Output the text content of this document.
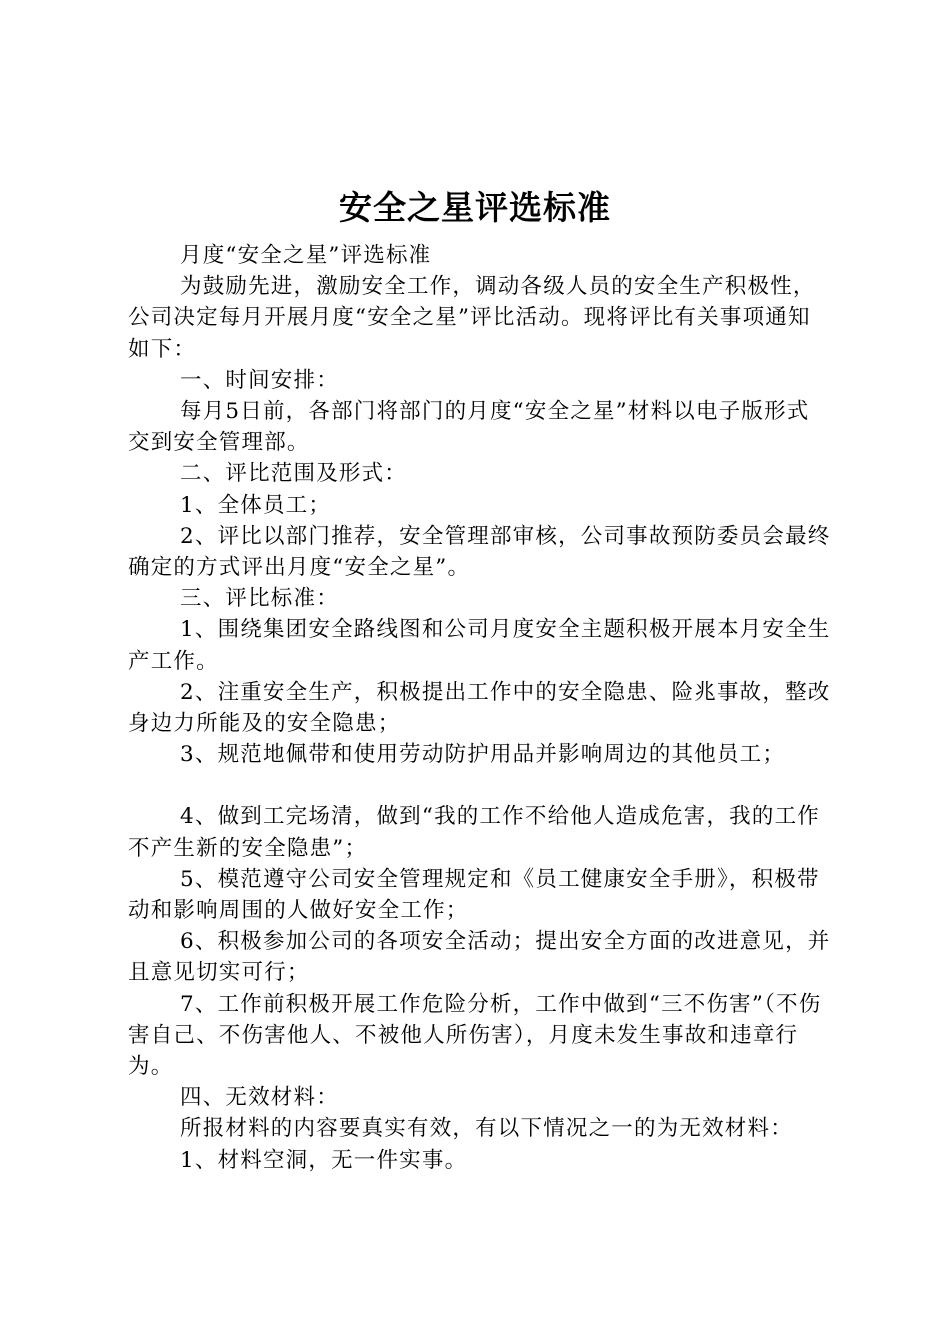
安全之星评选标准

月度“安全之星”评选标准

为鼓励先进，激励安全工作，调动各级人员的安全生产积极性，公司决定每月开展月度“安全之星”评比活动。现将评比有关事项通知如下：

一、时间安排：

每月5日前，各部门将部门的月度“安全之星”材料以电子版形式交到安全管理部。

二、评比范围及形式：

1、全体员工；

2、评比以部门推荐，安全管理部审核，公司事故预防委员会最终确定的方式评出月度“安全之星”。

三、评比标准：

1、围绕集团安全路线图和公司月度安全主题积极开展本月安全生产工作。

2、注重安全生产，积极提出工作中的安全隐患、险兆事故，整改身边力所能及的安全隐患；

3、规范地佩带和使用劳动防护用品并影响周边的其他员工；

4、做到工完场清，做到“我的工作不给他人造成危害，我的工作不产生新的安全隐患”；

5、模范遵守公司安全管理规定和《员工健康安全手册》，积极带动和影响周围的人做好安全工作；

6、积极参加公司的各项安全活动；提出安全方面的改进意见，并且意见切实可行；

7、工作前积极开展工作危险分析，工作中做到“三不伤害”（不伤害自己、不伤害他人、不被他人所伤害），月度未发生事故和违章行为。

四、无效材料：

所报材料的内容要真实有效，有以下情况之一的为无效材料：

1、材料空洞，无一件实事。
